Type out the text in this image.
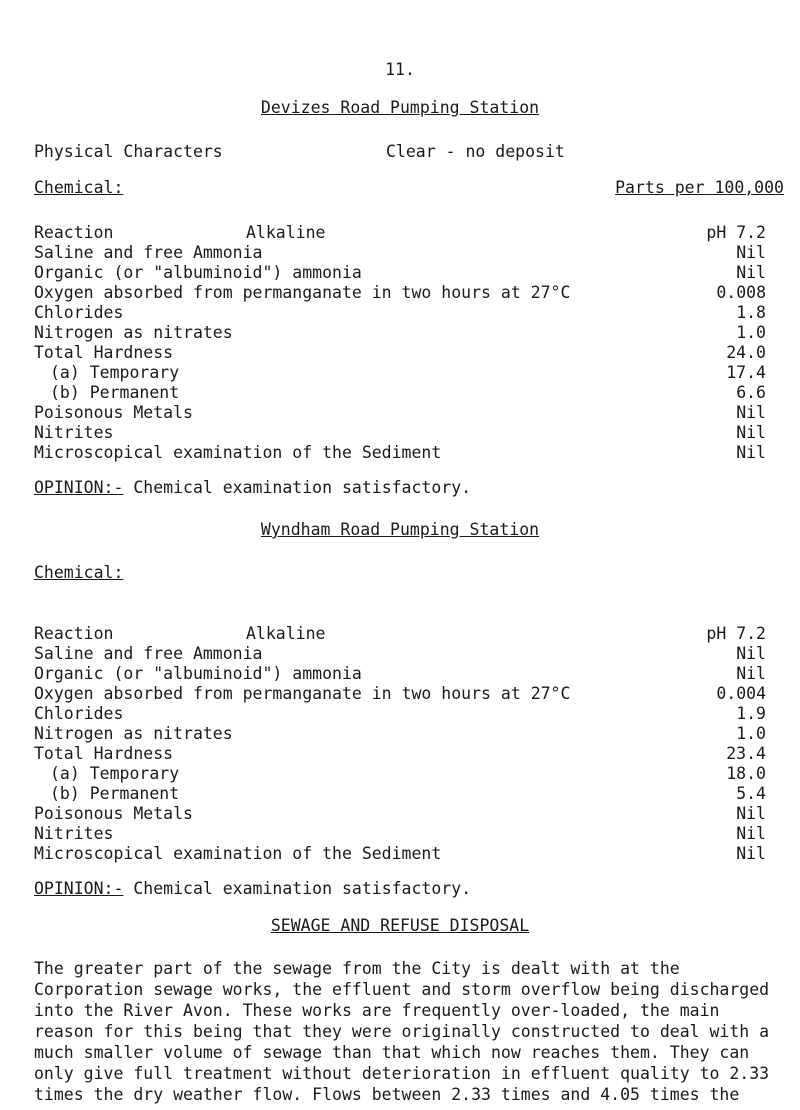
11.
Devizes Road Pumping Station
Physical Characters	Clear - no deposit
Chemical:	Parts per 100,000
Reaction	Alkaline	pH 7.2
Saline and free Ammonia	Nil
Organic (or "albuminoid") ammonia	Nil
Oxygen absorbed from permanganate in two hours at 27°C	0.008
Chlorides	1.8
Nitrogen as nitrates	1.0
Total Hardness	24.0
(a) Temporary	17.4
(b) Permanent	6.6
Poisonous Metals	Nil
Nitrites	Nil
Microscopical examination of the Sediment	Nil
OPINION:- Chemical examination satisfactory.
Wyndham Road Pumping Station
Chemical:
Reaction	Alkaline	pH 7.2
Saline and free Ammonia	Nil
Organic (or "albuminoid") ammonia	Nil
Oxygen absorbed from permanganate in two hours at 27°C	0.004
Chlorides	1.9
Nitrogen as nitrates	1.0
Total Hardness	23.4
(a) Temporary	18.0
(b) Permanent	5.4
Poisonous Metals	Nil
Nitrites	Nil
Microscopical examination of the Sediment	Nil
OPINION:- Chemical examination satisfactory.
SEWAGE AND REFUSE DISPOSAL
The greater part of the sewage from the City is dealt with at the
Corporation sewage works, the effluent and storm overflow being discharged
into the River Avon. These works are frequently over-loaded, the main
reason for this being that they were originally constructed to deal with a
much smaller volume of sewage than that which now reaches them. They can
only give full treatment without deterioration in effluent quality to 2.33
times the dry weather flow. Flows between 2.33 times and 4.05 times the
